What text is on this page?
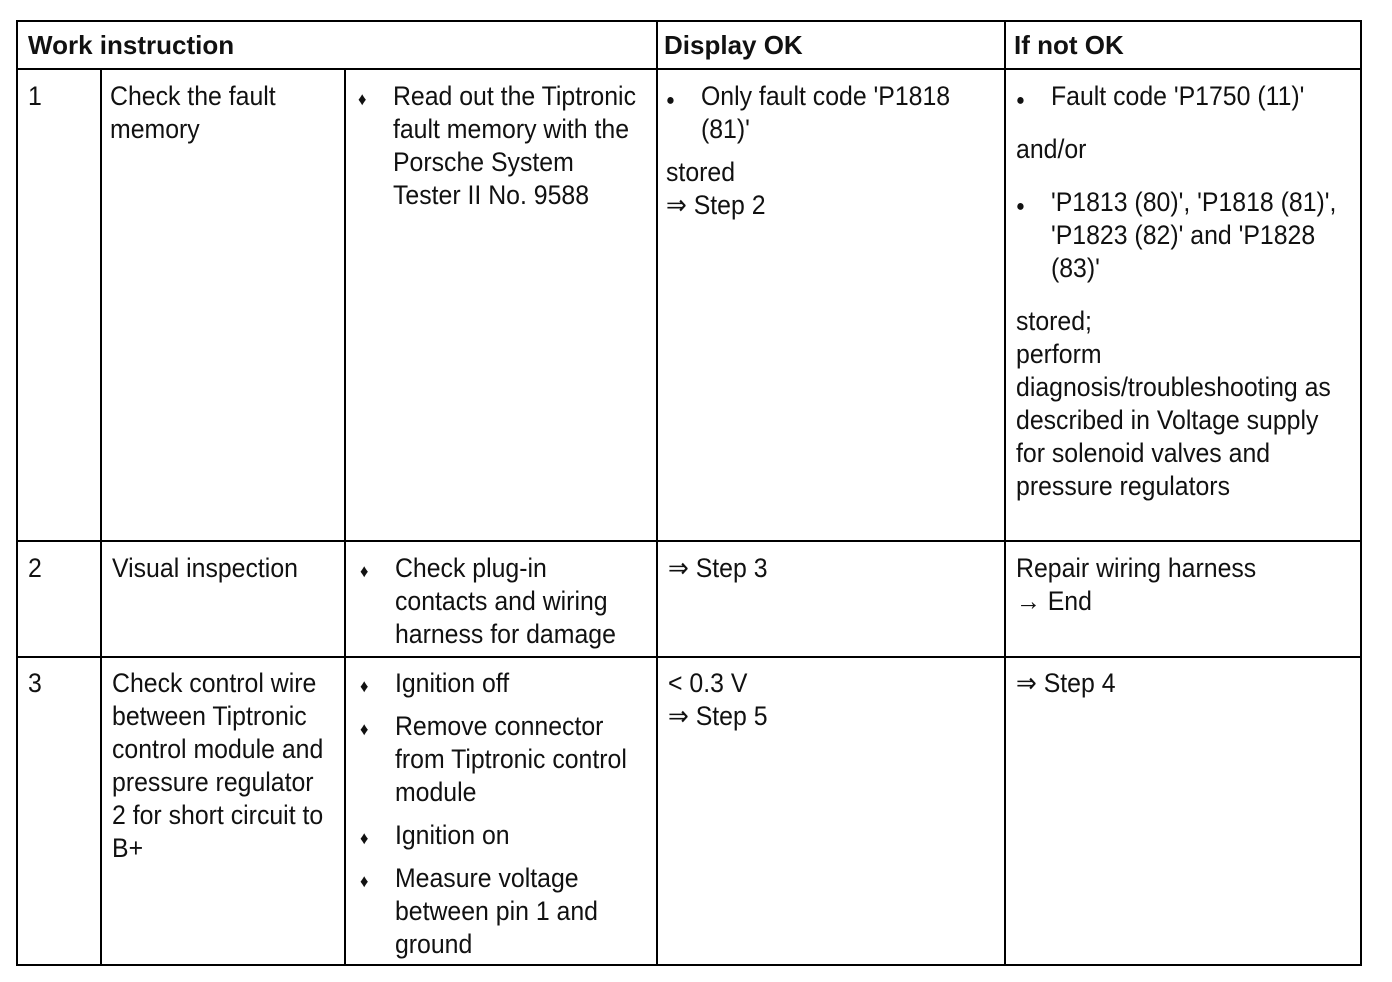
Work instruction	Display OK	If not OK
1	Check the fault memory
♦
Read out the Tiptronic fault memory with the Porsche System Tester II No. 9588
●
Only fault code 'P1818 (81)'
stored
⇒ Step 2
●
Fault code 'P1750 (11)'
and/or
●
'P1813 (80)', 'P1818 (81)', 'P1823 (82)' and 'P1828 (83)'
stored;
perform diagnosis/troubleshooting as described in Voltage supply for solenoid valves and pressure regulators
2	Visual inspection
♦	Check plug-in contacts and wiring harness for damage
⇒ Step 3	Repair wiring harness
→ End
3	Check control wire between Tiptronic control module and pressure regulator 2 for short circuit to B+
♦
Ignition off
♦
Remove connector from Tiptronic control module
♦
Ignition on
♦
Measure voltage between pin 1 and ground
< 0.3 V
⇒ Step 5
⇒ Step 4
